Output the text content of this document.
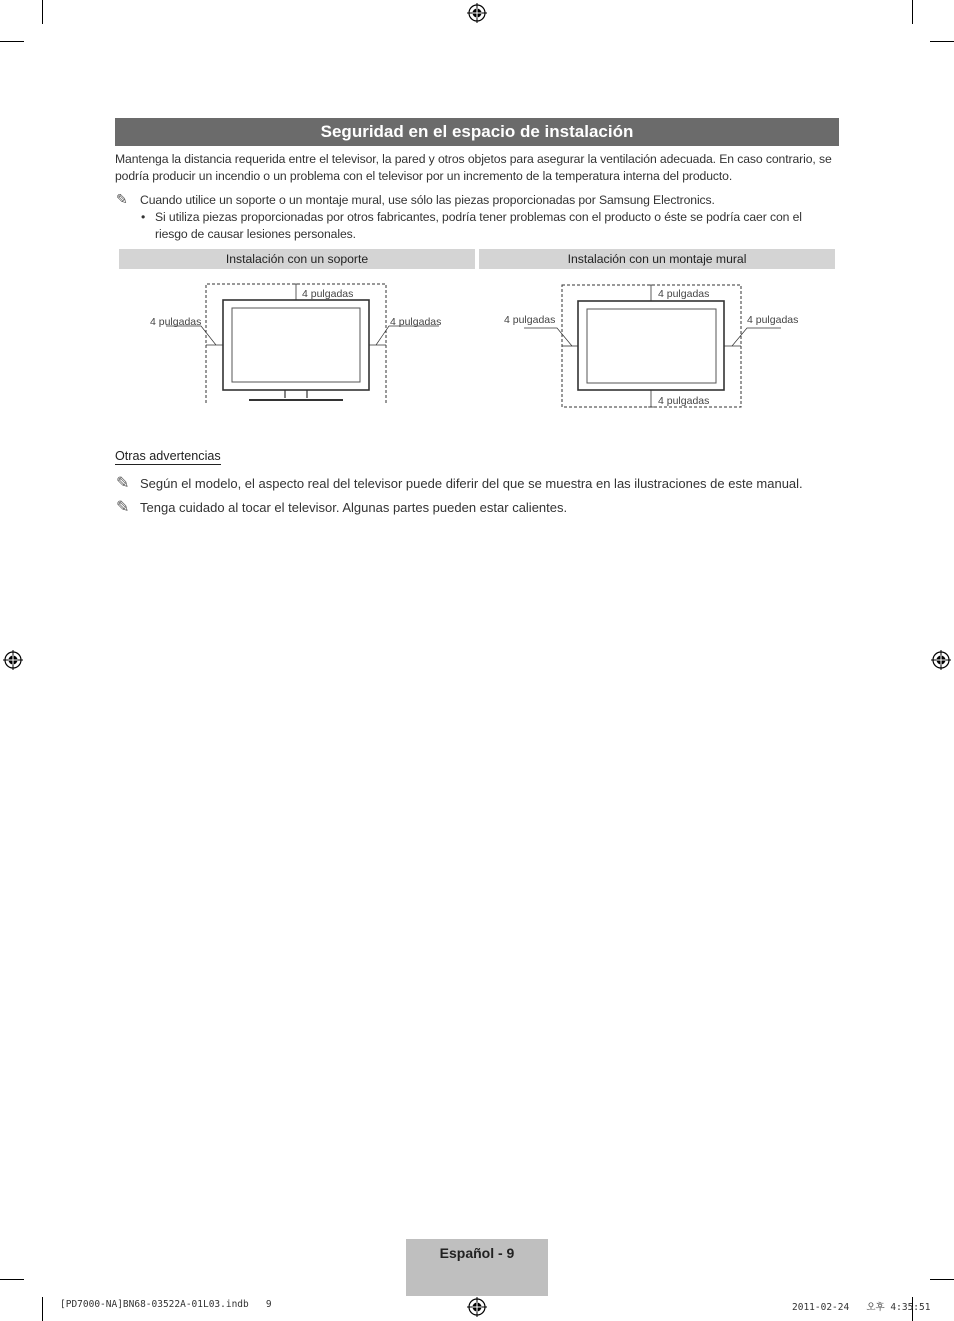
Seguridad en el espacio de instalación
Mantenga la distancia requerida entre el televisor, la pared y otros objetos para asegurar la ventilación adecuada. En caso contrario, se
podría producir un incendio o un problema con el televisor por un incremento de la temperatura interna del producto.
✎ Cuando utilice un soporte o un montaje mural, use sólo las piezas proporcionadas por Samsung Electronics.
• Si utiliza piezas proporcionadas por otros fabricantes, podría tener problemas con el producto o éste se podría caer con el
riesgo de causar lesiones personales.
Instalación con un soporte	Instalación con un montaje mural
4 pulgadas
4 pulgadas	4 pulgadas
4 pulgadas
4 pulgadas
4 pulgadas	4 pulgadas
Otras advertencias
✎ Según el modelo, el aspecto real del televisor puede diferir del que se muestra en las ilustraciones de este manual.
✎ Tenga cuidado al tocar el televisor. Algunas partes pueden estar calientes.
Español - 9
[PD7000-NA]BN68-03522A-01L03.indb   9	2011-02-24   오후 4:35:51
